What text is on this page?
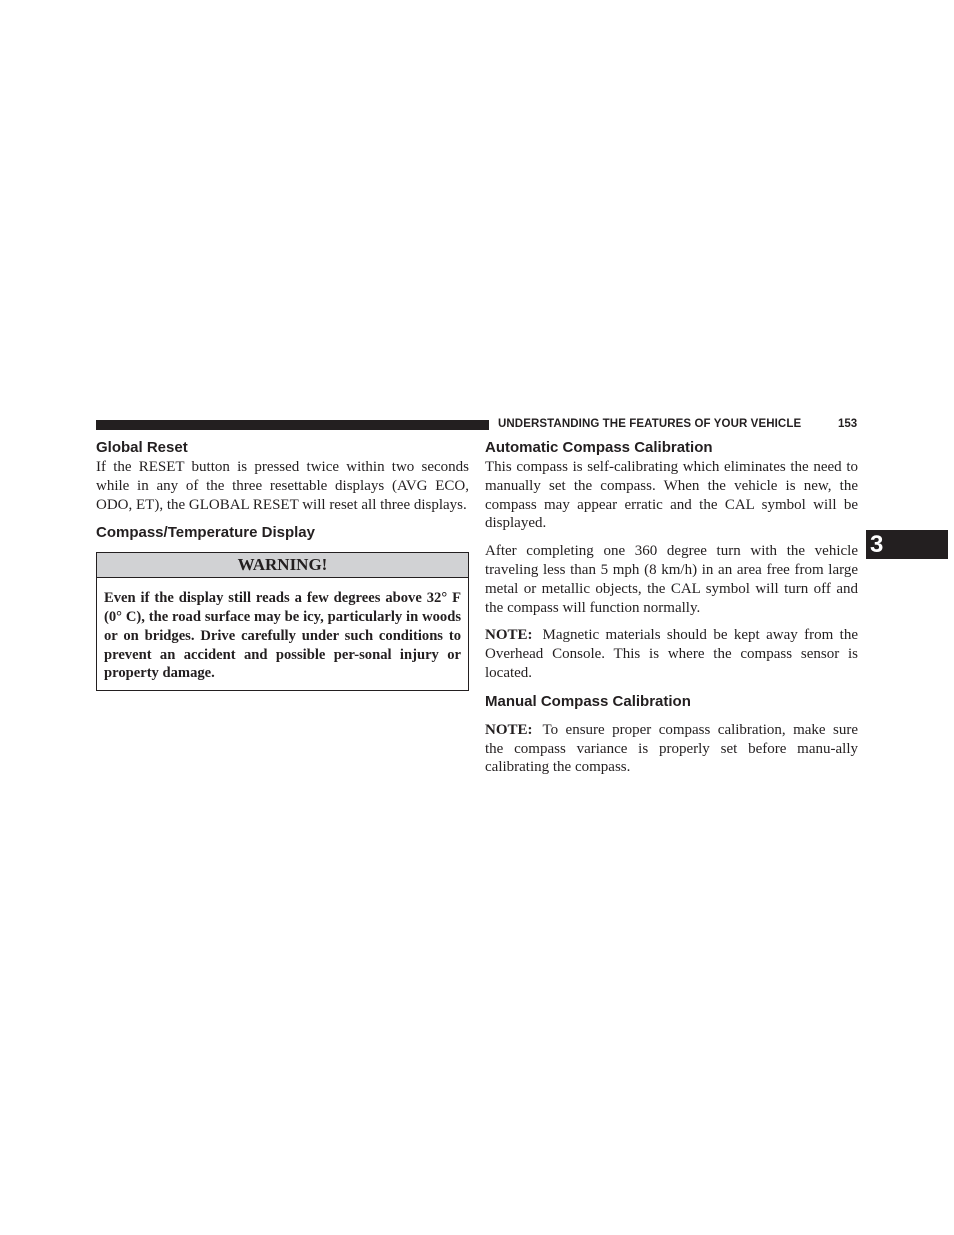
UNDERSTANDING THE FEATURES OF YOUR VEHICLE	153
3
Global Reset

If the RESET button is pressed twice within two seconds while in any of the three resettable displays (AVG ECO, ODO, ET), the GLOBAL RESET will reset all three displays.

Compass/Temperature Display
WARNING!
Even if the display still reads a few degrees above 32° F (0° C), the road surface may be icy, particularly in woods or on bridges. Drive carefully under such conditions to prevent an accident and possible per-sonal injury or property damage.
Automatic Compass Calibration

This compass is self-calibrating which eliminates the need to manually set the compass. When the vehicle is new, the compass may appear erratic and the CAL symbol will be displayed.

After completing one 360 degree turn with the vehicle traveling less than 5 mph (8 km/h) in an area free from large metal or metallic objects, the CAL symbol will turn off and the compass will function normally.

NOTE: Magnetic materials should be kept away from the Overhead Console. This is where the compass sensor is located.

Manual Compass Calibration

NOTE: To ensure proper compass calibration, make sure the compass variance is properly set before manu-ally calibrating the compass.
